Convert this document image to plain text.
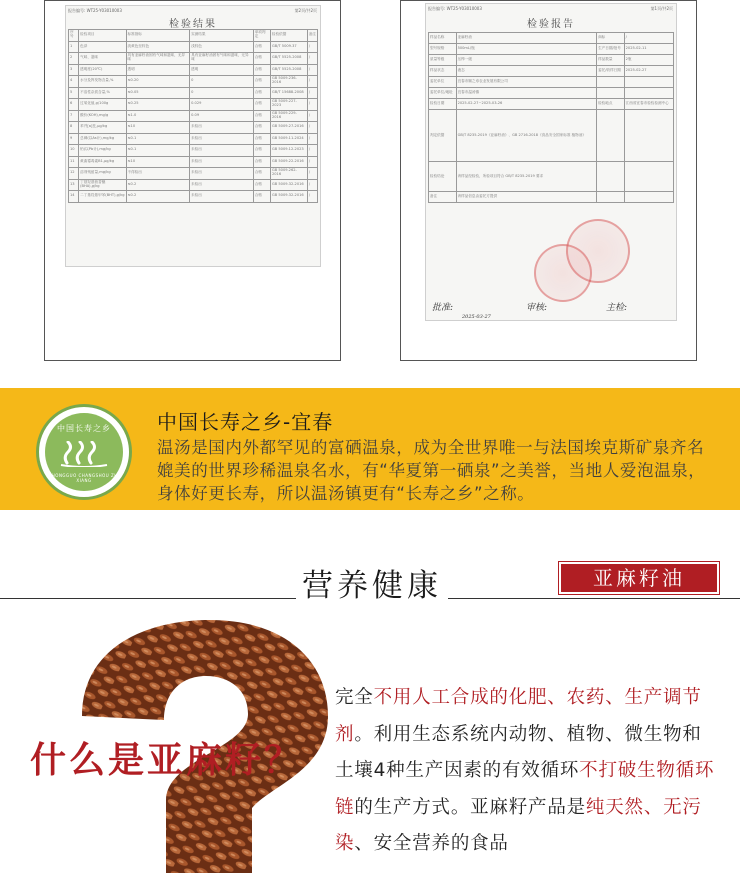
报告编号: WT25-Y03010003	第2页/共2页
检验结果
序号	检验项目	标准指标	实测结果	单项判定	检验依据	备注
1	色泽	淡黄色至棕色	浅棕色	合格	GB/T 5009.37	/
2	气味、滋味	具有亚麻籽油固有气味和滋味，无异味	具有亚麻籽油固有气味和滋味，无异味	合格	GB/T 5525-2008	/
3	透明度(20℃)	透明	透明	合格	GB/T 5525-2008	/
4	水分及挥发物含量,%	≤0.20	0	合格	GB 5009.236-2016	/
5	不溶性杂质含量,%	≤0.05	0	合格	GB/T 15688-2008	/
6	过氧化值,g/100g	≤0.25	0.029	合格	GB 5009.227-2023	/
7	酸价(KOH),mg/g	≤1.0	0.09	合格	GB 5009.229-2016	/
8	苯并[a]芘,μg/kg	≤10	未检出	合格	GB 5009.27-2016	/
9	总砷(以As计),mg/kg	≤0.1	未检出	合格	GB 5009.11-2024	/
10	铅(以Pb计),mg/kg	≤0.1	未检出	合格	GB 5009.12-2023	/
11	黄曲霉毒素B1,μg/kg	≤10	未检出	合格	GB 5009.22-2016	/
12	溶剂残留量,mg/kg	不得检出	未检出	合格	GB 5009.262-2016	/
13	丁基羟基茴香醚(BHA),g/kg	≤0.2	未检出	合格	GB 5009.32-2016	/
14	二丁基羟基甲苯(BHT),g/kg	≤0.2	未检出	合格	GB 5009.32-2016	/
报告编号: WT25-Y03010003	第1页/共2页
检验报告
样品名称	亚麻籽油	商标	/
型号规格	500mL/瓶	生产日期/批号	2025-02-11
质量等级	压榨一级	样品数量	2瓶
样品状态	液态	委托/收样日期	2025-02-27
委托单位	宜春市顺之寿农业发展有限公司		
委托单位/地址	宜春市温汤镇		
检验日期	2025-02-27~2025-03-26	检验地点	江西省宜春市检验检测中心
判定依据	GB/T 8235-2019《亚麻籽油》、GB 2716-2018《食品安全国家标准 植物油》		
检验结论	该样品经检验，所检项目符合 GB/T 8235-2019 要求		
备注	该样品信息由委托方提供		
批准:	审核:	主检:
2025-03-27
中国长寿之乡
ZHONGGUO CHANGSHOU ZHI XIANG
中国长寿之乡-宜春
温汤是国内外都罕见的富硒温泉，成为全世界唯一与法国埃克斯矿泉齐名媲美的世界珍稀温泉名水，有“华夏第一硒泉”之美誉，当地人爱泡温泉，身体好更长寿，所以温汤镇更有“长寿之乡”之称。
营养健康	亚麻籽油
什么是亚麻籽？
完全不用人工合成的化肥、农药、生产调节剂。利用生态系统内动物、植物、微生物和土壤4种生产因素的有效循环不打破生物循环链的生产方式。亚麻籽产品是纯天然、无污染、安全营养的食品
